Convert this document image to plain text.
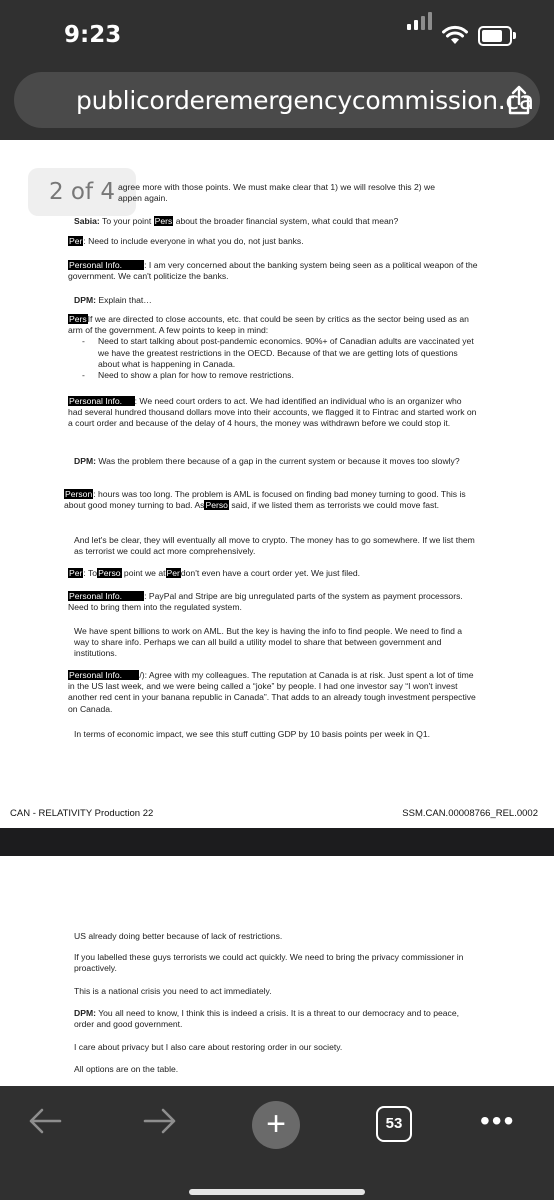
9:23
publicorderemergencycommission.ca
2 of 4 agree more with those points. We must make clear that 1) we will resolve this 2) we
appen again.

Sabia: To your point Pers about the broader financial system, what could that mean?

Per: Need to include everyone in what you do, not just banks.

Personal Info.	: I am very concerned about the banking system being seen as a political weapon of the government. We can't politicize the banks.

DPM: Explain that…

PersIf we are directed to close accounts, etc. that could be seen by critics as the sector being used as an arm of the government. A few points to keep in mind:

- Need to start talking about post-pandemic economics. 90%+ of Canadian adults are vaccinated yet we have the greatest restrictions in the OECD. Because of that we are getting lots of questions about what is happening in Canada.
- Need to show a plan for how to remove restrictions.

Personal Info. : We need court orders to act. We had identified an individual who is an organizer who had several hundred thousand dollars move into their accounts, we flagged it to Fintrac and started work on a court order and because of the delay of 4 hours, the money was withdrawn before we could stop it.

DPM: Was the problem there because of a gap in the current system or because it moves too slowly?

Person: hours was too long. The problem is AML is focused on finding bad money turning to good. This is about good money turning to bad. AsPerso said, if we listed them as terrorists we could move fast.

And let's be clear, they will eventually all move to crypto. The money has to go somewhere. If we list them as terrorist we could act more comprehensively.

Per: ToPerso point we atPerdon't even have a court order yet. We just filed.

Personal Info.	: PayPal and Stripe are big unregulated parts of the system as payment processors. Need to bring them into the regulated system.

We have spent billions to work on AML. But the key is having the info to find people. We need to find a way to share info. Perhaps we can all build a utility model to share that between government and institutions.

Personal Info. /): Agree with my colleagues. The reputation at Canada is at risk. Just spent a lot of time in the US last week, and we were being called a “joke” by people. I had one investor say “I won't invest another red cent in your banana republic in Canada”. That adds to an already tough investment perspective on Canada.

In terms of economic impact, we see this stuff cutting GDP by 10 basis points per week in Q1.

CAN - RELATIVITY Production 22	SSM.CAN.00008766_REL.0002

US already doing better because of lack of restrictions.

If you labelled these guys terrorists we could act quickly. We need to bring the privacy commissioner in proactively.

This is a national crisis you need to act immediately.

DPM: You all need to know, I think this is indeed a crisis. It is a threat to our democracy and to peace, order and good government.

I care about privacy but I also care about restoring order in our society.

All options are on the table.

+	53	•••
